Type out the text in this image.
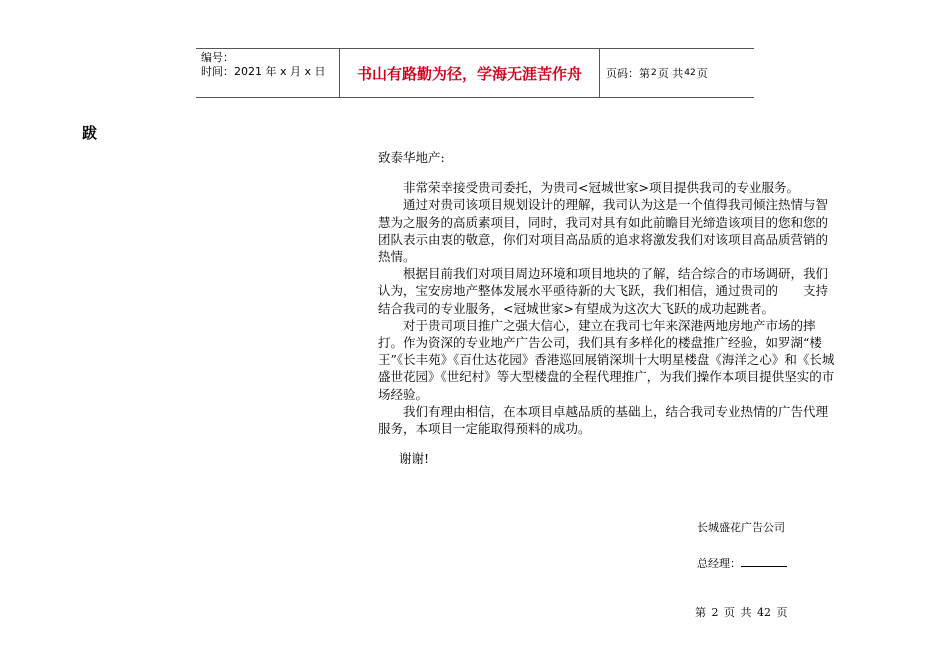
编号：
时间：2021 年 x 月 x 日	书山有路勤为径，学海无涯苦作舟	页码：第 2 页 共 42 页
跋

致泰华地产:

非常荣幸接受贵司委托，为贵司<冠城世家>项目提供我司的专业服务。

通过对贵司该项目规划设计的理解，我司认为这是一个值得我司倾注热情与智慧为之服务的高质素项目，同时，我司对具有如此前瞻目光缔造该项目的您和您的团队表示由衷的敬意，你们对项目高品质的追求将激发我们对该项目高品质营销的热情。

根据目前我们对项目周边环境和项目地块的了解，结合综合的市场调研，我们认为，宝安房地产整体发展水平亟待新的大飞跃，我们相信，通过贵司的　　支持结合我司的专业服务，<冠城世家>有望成为这次大飞跃的成功起跳者。

对于贵司项目推广之强大信心，建立在我司七年来深港两地房地产市场的摔打。作为资深的专业地产广告公司，我们具有多样化的楼盘推广经验，如罗湖“楼王”《长丰苑》《百仕达花园》香港巡回展销深圳十大明星楼盘《海洋之心》和《长城盛世花园》《世纪村》等大型楼盘的全程代理推广，为我们操作本项目提供坚实的市场经验。

我们有理由相信，在本项目卓越品质的基础上，结合我司专业热情的广告代理服务，本项目一定能取得预料的成功。

谢谢!

长城盛花广告公司
总经理：
第 2 页 共 42 页
